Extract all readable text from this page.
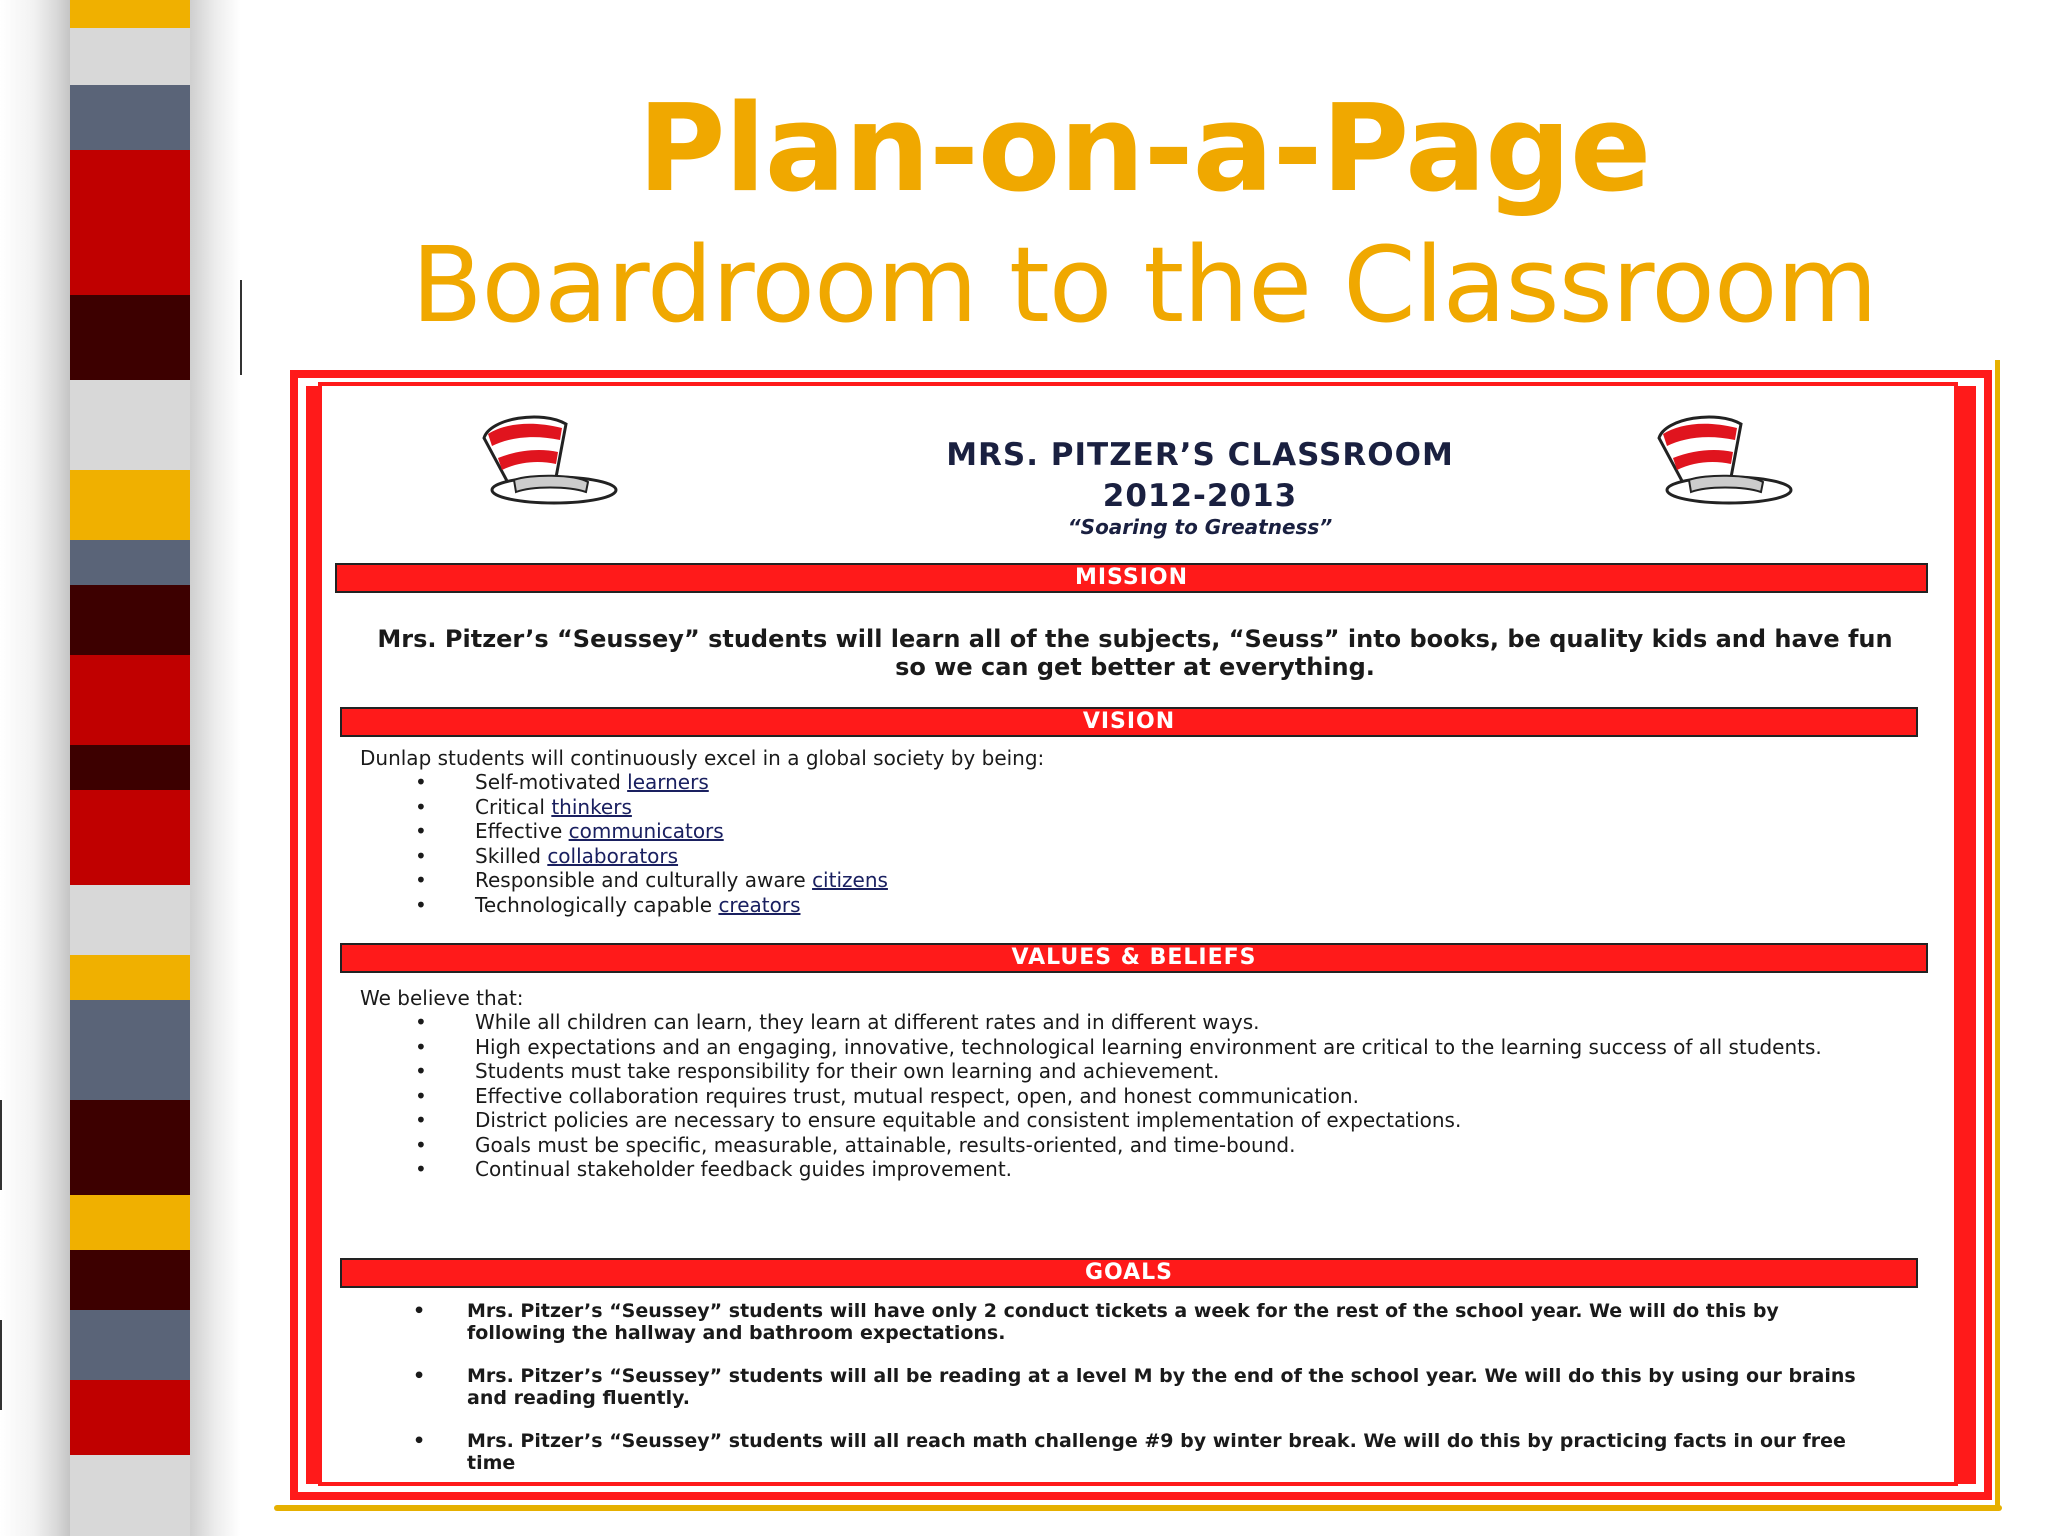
Plan-on-a-Page
Boardroom to the Classroom
MRS. PITZER’S CLASSROOM
2012-2013
“Soaring to Greatness”
MISSION
Mrs. Pitzer’s “Seussey” students will learn all of the subjects, “Seuss” into books, be quality kids and have fun so we can get better at everything.
VISION
Dunlap students will continuously excel in a global society by being:
• Self-motivated learners
• Critical thinkers
• Effective communicators
• Skilled collaborators
• Responsible and culturally aware citizens
• Technologically capable creators
VALUES & BELIEFS
We believe that:
• While all children can learn, they learn at different rates and in different ways.
• High expectations and an engaging, innovative, technological learning environment are critical to the learning success of all students.
• Students must take responsibility for their own learning and achievement.
• Effective collaboration requires trust, mutual respect, open, and honest communication.
• District policies are necessary to ensure equitable and consistent implementation of expectations.
• Goals must be specific, measurable, attainable, results-oriented, and time-bound.
• Continual stakeholder feedback guides improvement.
GOALS
• Mrs. Pitzer’s “Seussey” students will have only 2 conduct tickets a week for the rest of the school year. We will do this by following the hallway and bathroom expectations.
• Mrs. Pitzer’s “Seussey” students will all be reading at a level M by the end of the school year. We will do this by using our brains and reading fluently.
• Mrs. Pitzer’s “Seussey” students will all reach math challenge #9 by winter break. We will do this by practicing facts in our free time
